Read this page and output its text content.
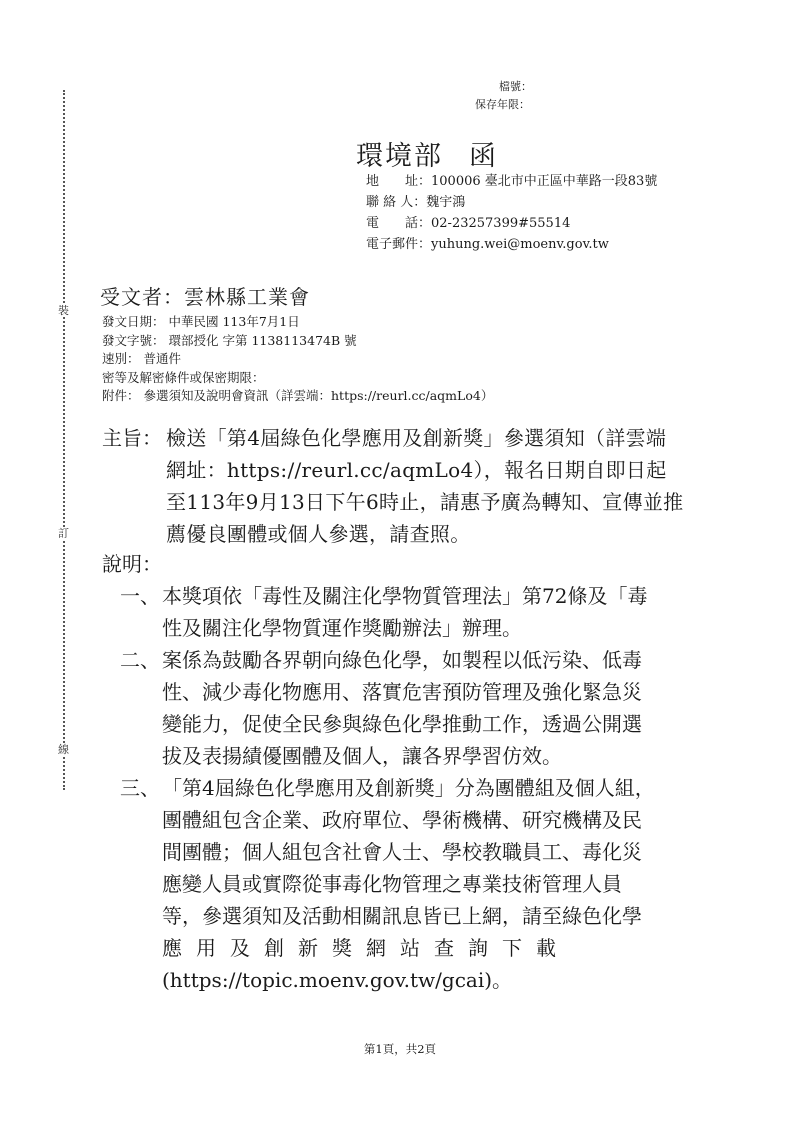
裝
訂
線
檔號：
保存年限：
環境部 函
地　　址：100006 臺北市中正區中華路一段83號
聯 絡 人：魏宇鴻
電　　話：02-23257399#55514
電子郵件：yuhung.wei@moenv.gov.tw
受文者：雲林縣工業會
發文日期： 中華民國 113年7月1日
發文字號： 環部授化 字第 1138113474B 號
速別： 普通件
密等及解密條件或保密期限：
附件： 參選須知及說明會資訊（詳雲端：https://reurl.cc/aqmLo4）
主旨： 檢送「第4屆綠色化學應用及創新獎」參選須知（詳雲端
網址：https://reurl.cc/aqmLo4），報名日期自即日起
至113年9月13日下午6時止，請惠予廣為轉知、宣傳並推
薦優良團體或個人參選，請查照。
說明：
一、 本獎項依「毒性及關注化學物質管理法」第72條及「毒
性及關注化學物質運作獎勵辦法」辦理。
二、 案係為鼓勵各界朝向綠色化學，如製程以低污染、低毒
性、減少毒化物應用、落實危害預防管理及強化緊急災
變能力，促使全民參與綠色化學推動工作，透過公開選
拔及表揚績優團體及個人，讓各界學習仿效。
三、 「第4屆綠色化學應用及創新獎」分為團體組及個人組，
團體組包含企業、政府單位、學術機構、研究機構及民
間團體；個人組包含社會人士、學校教職員工、毒化災
應變人員或實際從事毒化物管理之專業技術管理人員
等，參選須知及活動相關訊息皆已上網，請至綠色化學
應用及創新獎網站查詢下載
(https://topic.moenv.gov.tw/gcai)。
第1頁，共2頁
